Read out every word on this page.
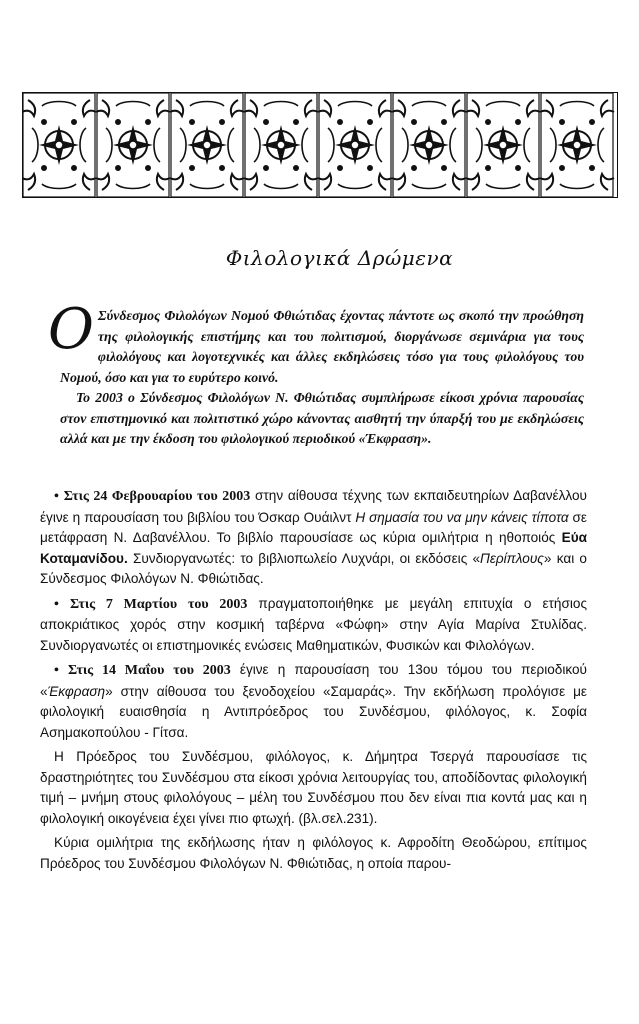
Φιλολογικά Δρώμενα

Ο Σύνδεσμος Φιλολόγων Νομού Φθιώτιδας έχοντας πάντοτε ως σκοπό την προώθηση της φιλολογικής επιστήμης και του πολιτισμού, διοργάνωσε σεμινάρια για τους φιλολόγους και λογοτεχνικές και άλλες εκδηλώσεις τόσο για τους φιλολόγους του Νομού, όσο και για το ευρύτερο κοινό.

Το 2003 ο Σύνδεσμος Φιλολόγων Ν. Φθιώτιδας συμπλήρωσε είκοσι χρόνια παρουσίας στον επιστημονικό και πολιτιστικό χώρο κάνοντας αισθητή την ύπαρξή του με εκδηλώσεις αλλά και με την έκδοση του φιλολογικού περιοδικού «Έκφραση».

• Στις 24 Φεβρουαρίου του 2003 στην αίθουσα τέχνης των εκπαιδευτηρίων Δαβανέλλου έγινε η παρουσίαση του βιβλίου του Όσκαρ Ουάιλντ Η σημασία του να μην κάνεις τίποτα σε μετάφραση Ν. Δαβανέλλου. Το βιβλίο παρουσίασε ως κύρια ομιλήτρια η ηθοποιός Εύα Κοταμανίδου. Συνδιοργανωτές: το βιβλιοπωλείο Λυχνάρι, οι εκδόσεις «Περίπλους» και ο Σύνδεσμος Φιλολόγων Ν. Φθιώτιδας.

• Στις 7 Μαρτίου του 2003 πραγματοποιήθηκε με μεγάλη επιτυχία ο ετήσιος αποκριάτικος χορός στην κοσμική ταβέρνα «Φώφη» στην Αγία Μαρίνα Στυλίδας. Συνδιοργανωτές οι επιστημονικές ενώσεις Μαθηματικών, Φυσικών και Φιλολόγων.

• Στις 14 Μαΐου του 2003 έγινε η παρουσίαση του 13ου τόμου του περιοδικού «Έκφραση» στην αίθουσα του ξενοδοχείου «Σαμαράς». Την εκδήλωση προλόγισε με φιλολογική ευαισθησία η Αντιπρόεδρος του Συνδέσμου, φιλόλογος, κ. Σοφία Ασημακοπούλου - Γίτσα.

Η Πρόεδρος του Συνδέσμου, φιλόλογος, κ. Δήμητρα Τσεργά παρουσίασε τις δραστηριότητες του Συνδέσμου στα είκοσι χρόνια λειτουργίας του, αποδίδοντας φιλολογική τιμή – μνήμη στους φιλολόγους – μέλη του Συνδέσμου που δεν είναι πια κοντά μας και η φιλολογική οικογένεια έχει γίνει πιο φτωχή. (βλ.σελ.231).

Κύρια ομιλήτρια της εκδήλωσης ήταν η φιλόλογος κ. Αφροδίτη Θεοδώρου, επίτιμος Πρόεδρος του Συνδέσμου Φιλολόγων Ν. Φθιώτιδας, η οποία παρου-
